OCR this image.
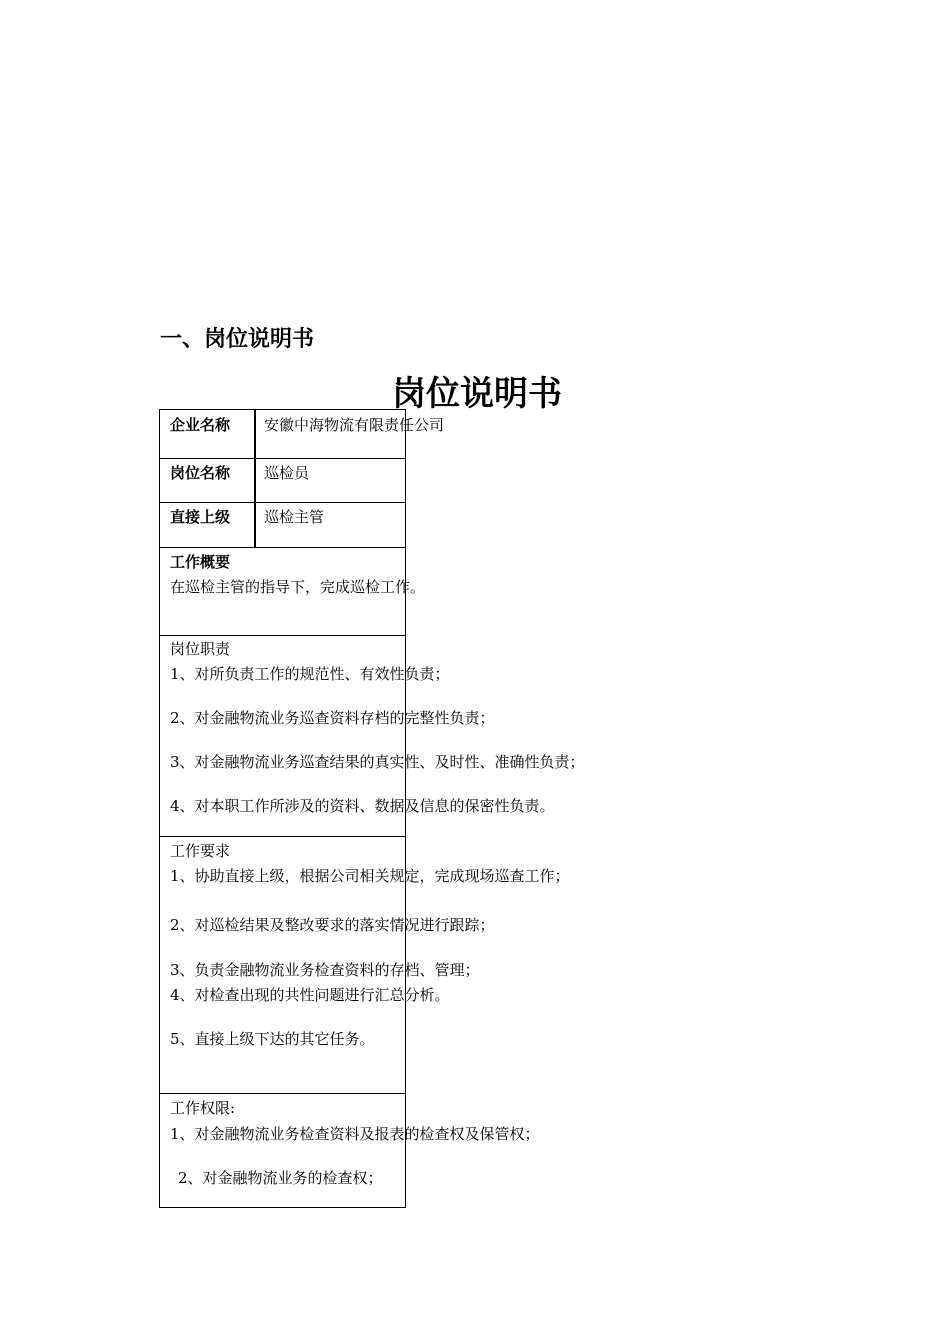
一、岗位说明书
岗位说明书
企业名称 安徽中海物流有限责任公司
岗位名称 巡检员
直接上级 巡检主管
工作概要
在巡检主管的指导下，完成巡检工作。
岗位职责
1、对所负责工作的规范性、有效性负责；
2、对金融物流业务巡查资料存档的完整性负责；
3、对金融物流业务巡查结果的真实性、及时性、准确性负责；
4、对本职工作所涉及的资料、数据及信息的保密性负责。
工作要求
1、协助直接上级，根据公司相关规定，完成现场巡查工作；
2、对巡检结果及整改要求的落实情况进行跟踪；
3、负责金融物流业务检查资料的存档、管理；
4、对检查出现的共性问题进行汇总分析。
5、直接上级下达的其它任务。
工作权限:
1、对金融物流业务检查资料及报表的检查权及保管权；
2、对金融物流业务的检查权；
